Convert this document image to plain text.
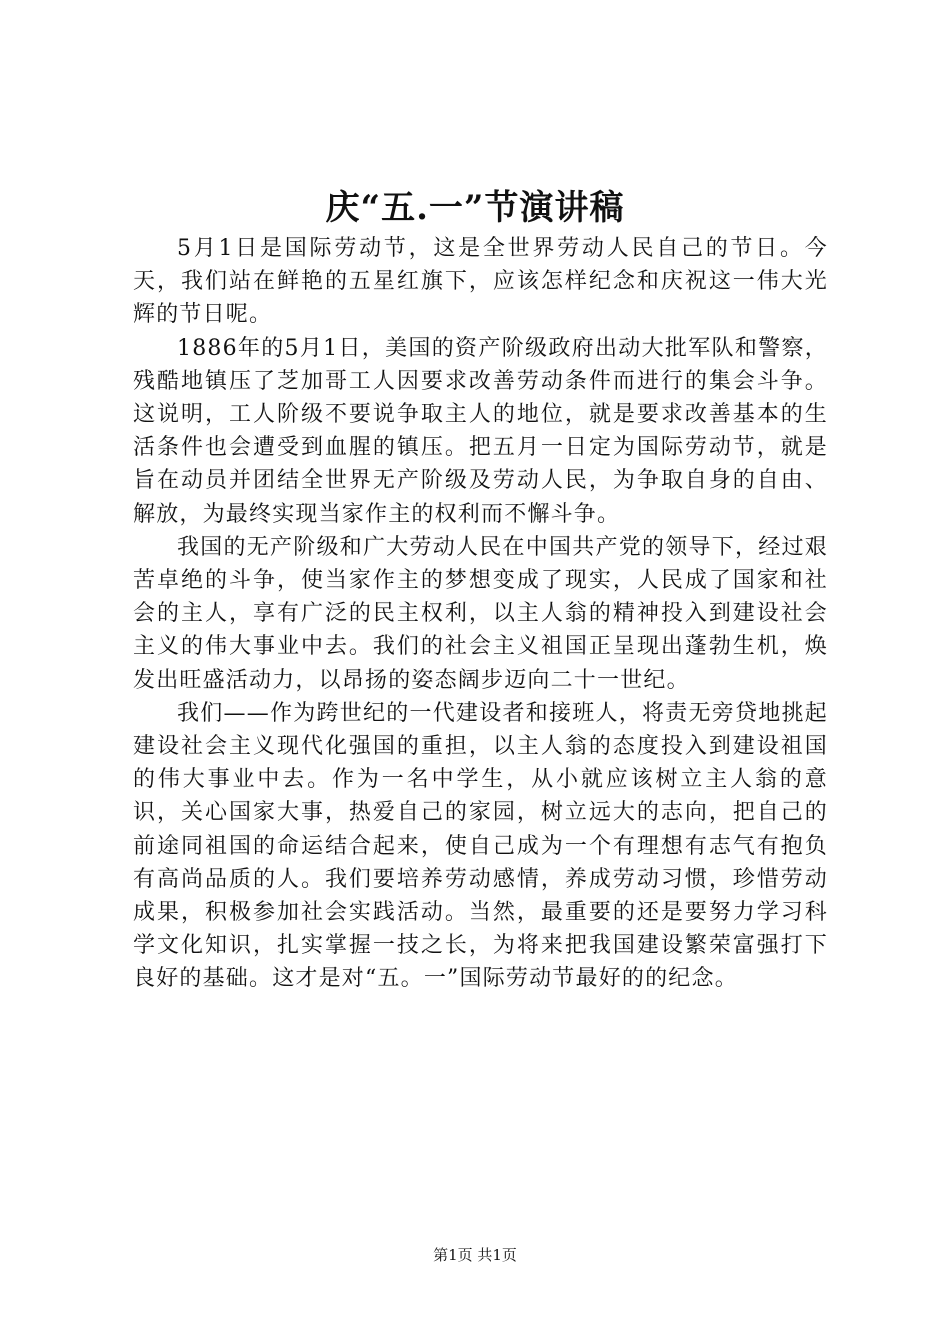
庆“五.一”节演讲稿

5月1日是国际劳动节，这是全世界劳动人民自己的节日。今天，我们站在鲜艳的五星红旗下，应该怎样纪念和庆祝这一伟大光辉的节日呢。

1886年的5月1日，美国的资产阶级政府出动大批军队和警察，残酷地镇压了芝加哥工人因要求改善劳动条件而进行的集会斗争。这说明，工人阶级不要说争取主人的地位，就是要求改善基本的生活条件也会遭受到血腥的镇压。把五月一日定为国际劳动节，就是旨在动员并团结全世界无产阶级及劳动人民，为争取自身的自由、解放，为最终实现当家作主的权利而不懈斗争。

我国的无产阶级和广大劳动人民在中国共产党的领导下，经过艰苦卓绝的斗争，使当家作主的梦想变成了现实，人民成了国家和社会的主人，享有广泛的民主权利，以主人翁的精神投入到建设社会主义的伟大事业中去。我们的社会主义祖国正呈现出蓬勃生机，焕发出旺盛活动力，以昂扬的姿态阔步迈向二十一世纪。

我们——作为跨世纪的一代建设者和接班人，将责无旁贷地挑起建设社会主义现代化强国的重担，以主人翁的态度投入到建设祖国的伟大事业中去。作为一名中学生，从小就应该树立主人翁的意识，关心国家大事，热爱自己的家园，树立远大的志向，把自己的前途同祖国的命运结合起来，使自己成为一个有理想有志气有抱负有高尚品质的人。我们要培养劳动感情，养成劳动习惯，珍惜劳动成果，积极参加社会实践活动。当然，最重要的还是要努力学习科学文化知识，扎实掌握一技之长，为将来把我国建设繁荣富强打下良好的基础。这才是对“五。一”国际劳动节最好的的纪念。

第1页 共1页
